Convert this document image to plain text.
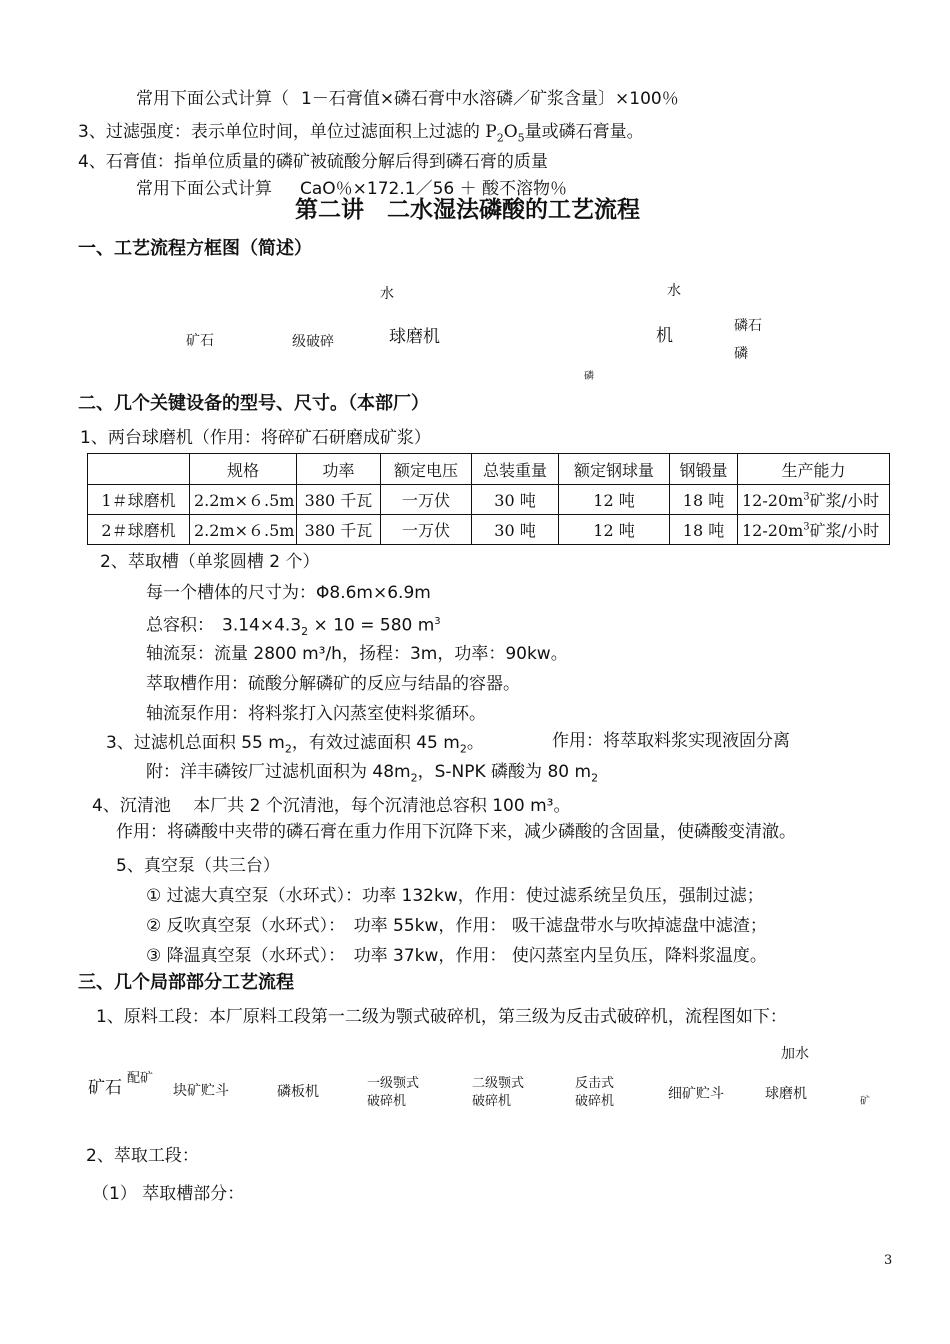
常用下面公式计算（ 1－石膏值×磷石膏中水溶磷／矿浆含量〕×100％
3、过滤强度：表示单位时间，单位过滤面积上过滤的 $P_2O_5$量或磷石膏量。
4、石膏值：指单位质量的磷矿被硫酸分解后得到磷石膏的质量
常用下面公式计算 CaO％×172.1／56 ＋ 酸不溶物％
第二讲　二水湿法磷酸的工艺流程
一、工艺流程方框图（简述）
水	水
矿石	级破碎	球磨机	机	磷石
磷
磷
二、几个关键设备的型号、尺寸。（本部厂）
1、两台球磨机（作用：将碎矿石研磨成矿浆）
	规格	功率	额定电压	总装重量	额定钢球量	钢锻量	生产能力
1＃球磨机	2.2m×６.5m	380 千瓦	一万伏	30 吨	12 吨	18 吨	$12-20m^3$矿浆/小时
2＃球磨机	2.2m×６.5m	380 千瓦	一万伏	30 吨	12 吨	18 吨	$12-20m^3$矿浆/小时
2、萃取槽（单浆圆槽 2 个）
每一个槽体的尺寸为：Φ8.6m×6.9m
总容积： $3.14\times 4.3_2 \times 10 = 580$ $m^3$
轴流泵：流量 2800 m³/h，扬程：3m，功率：90kw。
萃取槽作用：硫酸分解磷矿的反应与结晶的容器。
轴流泵作用：将料浆打入闪蒸室使料浆循环。
3、过滤机总面积 55 $m_2$，有效过滤面积 45 $m_2$。	作用：将萃取料浆实现液固分离
附：洋丰磷铵厂过滤机面积为 $48m_2$，S-NPK 磷酸为 80 $m_2$
4、沉清池　 本厂共 2 个沉清池，每个沉清池总容积 100 m³。
作用：将磷酸中夹带的磷石膏在重力作用下沉降下来，减少磷酸的含固量，使磷酸变清澈。
5、真空泵（共三台）
① 过滤大真空泵（水环式）：功率 132kw，作用：使过滤系统呈负压，强制过滤；
② 反吹真空泵（水环式）：　功率 55kw，作用： 吸干滤盘带水与吹掉滤盘中滤渣；
③ 降温真空泵（水环式）：　功率 37kw，作用： 使闪蒸室内呈负压，降料浆温度。
三、几个局部部分工艺流程
1、原料工段：本厂原料工段第一二级为颚式破碎机，第三级为反击式破碎机，流程图如下：
加水
矿石 配矿
块矿贮斗	磷板机
一级颚式
破碎机
二级颚式
破碎机
反击式
破碎机	细矿贮斗	球磨机	矿
2、萃取工段：
（1） 萃取槽部分：
3
